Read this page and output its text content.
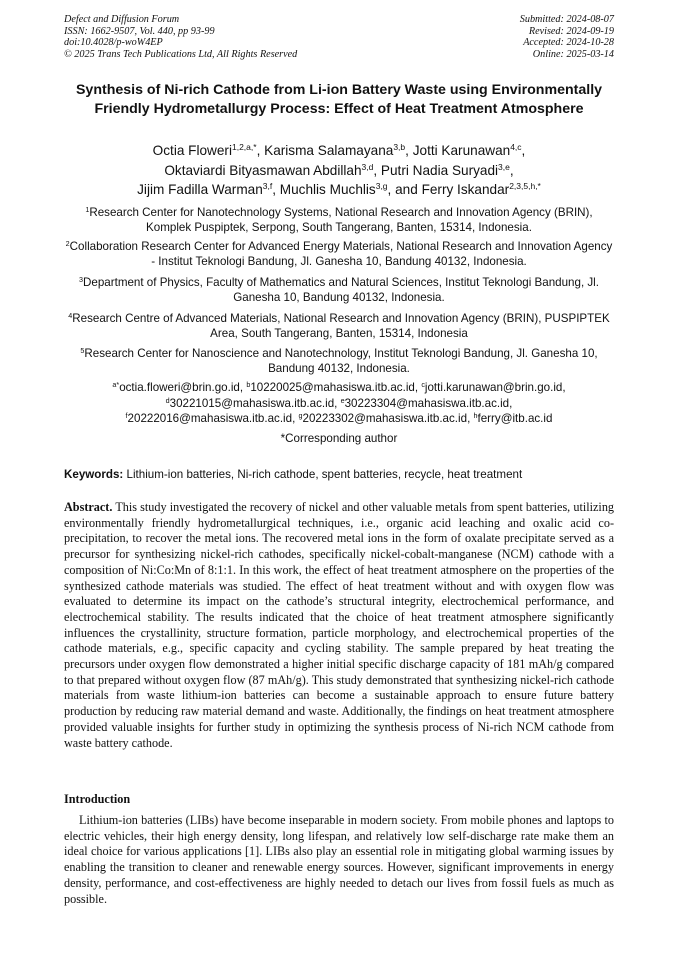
Defect and Diffusion Forum
ISSN: 1662-9507, Vol. 440, pp 93-99
doi:10.4028/p-woW4EP
© 2025 Trans Tech Publications Ltd, All Rights Reserved
Submitted: 2024-08-07
Revised: 2024-09-19
Accepted: 2024-10-28
Online: 2025-03-14
Synthesis of Ni-rich Cathode from Li-ion Battery Waste using Environmentally Friendly Hydrometallurgy Process: Effect of Heat Treatment Atmosphere
Octia Floweri$^{1,2,a,*}$, Karisma Salamayana$^{3,b}$, Jotti Karunawan$^{4,c}$,
Oktaviardi Bityasmawan Abdillah$^{3,d}$, Putri Nadia Suryadi$^{3,e}$,
Jijim Fadilla Warman$^{3,f}$, Muchlis Muchlis$^{3,g}$, and Ferry Iskandar$^{2,3,5,h,*}$
$^1$Research Center for Nanotechnology Systems, National Research and Innovation Agency (BRIN), Komplek Puspiptek, Serpong, South Tangerang, Banten, 15314, Indonesia.
$^2$Collaboration Research Center for Advanced Energy Materials, National Research and Innovation Agency - Institut Teknologi Bandung, Jl. Ganesha 10, Bandung 40132, Indonesia.
$^3$Department of Physics, Faculty of Mathematics and Natural Sciences, Institut Teknologi Bandung, Jl. Ganesha 10, Bandung 40132, Indonesia.
$^4$Research Centre of Advanced Materials, National Research and Innovation Agency (BRIN), PUSPIPTEK Area, South Tangerang, Banten, 15314, Indonesia
$^5$Research Center for Nanoscience and Nanotechnology, Institut Teknologi Bandung, Jl. Ganesha 10, Bandung 40132, Indonesia.
$^{a*}$octia.floweri@brin.go.id, $^b$10220025@mahasiswa.itb.ac.id, $^c$jotti.karunawan@brin.go.id,
$^d$30221015@mahasiswa.itb.ac.id, $^e$30223304@mahasiswa.itb.ac.id,
$^f$20222016@mahasiswa.itb.ac.id, $^g$20223302@mahasiswa.itb.ac.id, $^h$ferry@itb.ac.id
*Corresponding author
Keywords: Lithium-ion batteries, Ni-rich cathode, spent batteries, recycle, heat treatment
Abstract. This study investigated the recovery of nickel and other valuable metals from spent batteries, utilizing environmentally friendly hydrometallurgical techniques, i.e., organic acid leaching and oxalic acid co-precipitation, to recover the metal ions. The recovered metal ions in the form of oxalate precipitate served as a precursor for synthesizing nickel-rich cathodes, specifically nickel-cobalt-manganese (NCM) cathode with a composition of Ni:Co:Mn of 8:1:1. In this work, the effect of heat treatment atmosphere on the properties of the synthesized cathode materials was studied. The effect of heat treatment without and with oxygen flow was evaluated to determine its impact on the cathode’s structural integrity, electrochemical performance, and electrochemical stability. The results indicated that the choice of heat treatment atmosphere significantly influences the crystallinity, structure formation, particle morphology, and electrochemical properties of the cathode materials, e.g., specific capacity and cycling stability. The sample prepared by heat treating the precursors under oxygen flow demonstrated a higher initial specific discharge capacity of 181 mAh/g compared to that prepared without oxygen flow (87 mAh/g). This study demonstrated that synthesizing nickel-rich cathode materials from waste lithium-ion batteries can become a sustainable approach to ensure future battery production by reducing raw material demand and waste. Additionally, the findings on heat treatment atmosphere provided valuable insights for further study in optimizing the synthesis process of Ni-rich NCM cathode from waste battery cathode.
Introduction
Lithium-ion batteries (LIBs) have become inseparable in modern society. From mobile phones and laptops to electric vehicles, their high energy density, long lifespan, and relatively low self-discharge rate make them an ideal choice for various applications [1]. LIBs also play an essential role in mitigating global warming issues by enabling the transition to cleaner and renewable energy sources. However, significant improvements in energy density, performance, and cost-effectiveness are highly needed to detach our lives from fossil fuels as much as possible.
